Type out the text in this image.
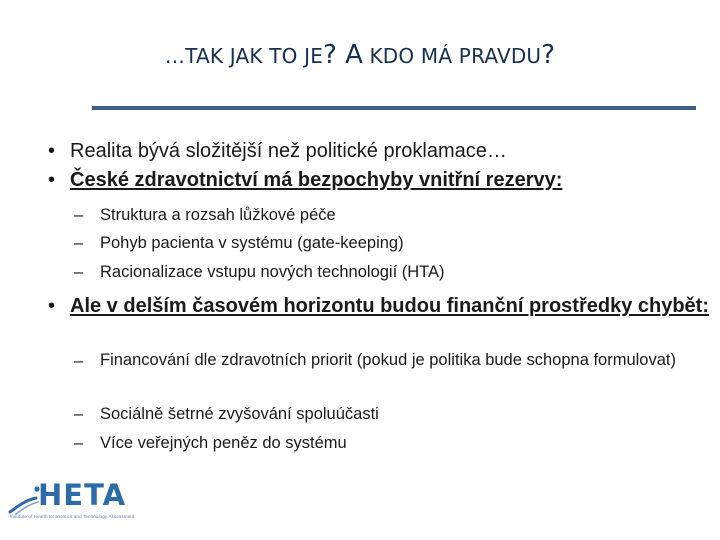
…TAK JAK TO JE? A KDO MÁ PRAVDU?
• Realita bývá složitější než politické proklamace…
• České zdravotnictví má bezpochyby vnitřní rezervy:
– Struktura a rozsah lůžkové péče
– Pohyb pacienta v systému (gate-keeping)
– Racionalizace vstupu nových technologií (HTA)
• Ale v delším časovém horizontu budou finanční prostředky chybět:
– Financování dle zdravotních priorit (pokud je politika bude schopna formulovat)
– Sociálně šetrné zvyšování spoluúčasti
– Více veřejných peněz do systému
HETA
Institute of Health Economics and Technology Assessment
